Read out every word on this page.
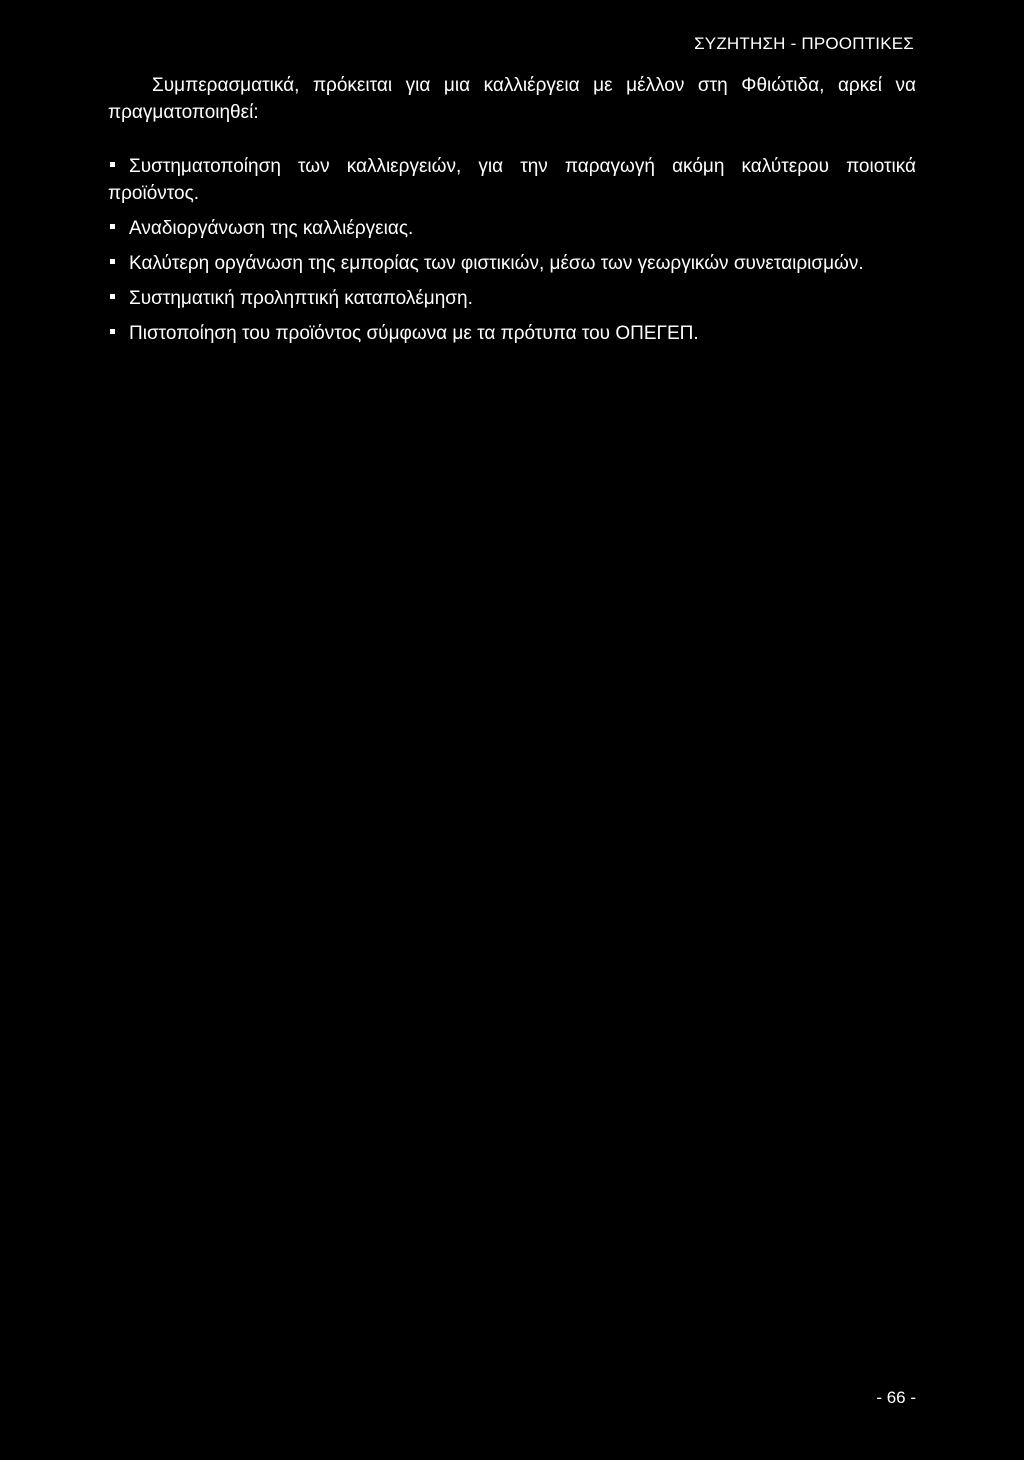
ΣΥΖΗΤΗΣΗ - ΠΡΟΟΠΤΙΚΕΣ

Συμπερασματικά, πρόκειται για μια καλλιέργεια με μέλλον στη Φθιώτιδα, αρκεί να πραγματοποιηθεί:

Συστηματοποίηση των καλλιεργειών, για την παραγωγή ακόμη καλύτερου ποιοτικά προϊόντος.
Αναδιοργάνωση της καλλιέργειας.
Καλύτερη οργάνωση της εμπορίας των φιστικιών, μέσω των γεωργικών συνεταιρισμών.
Συστηματική προληπτική καταπολέμηση.
Πιστοποίηση του προϊόντος σύμφωνα με τα πρότυπα του ΟΠΕΓΕΠ.
- 66 -
